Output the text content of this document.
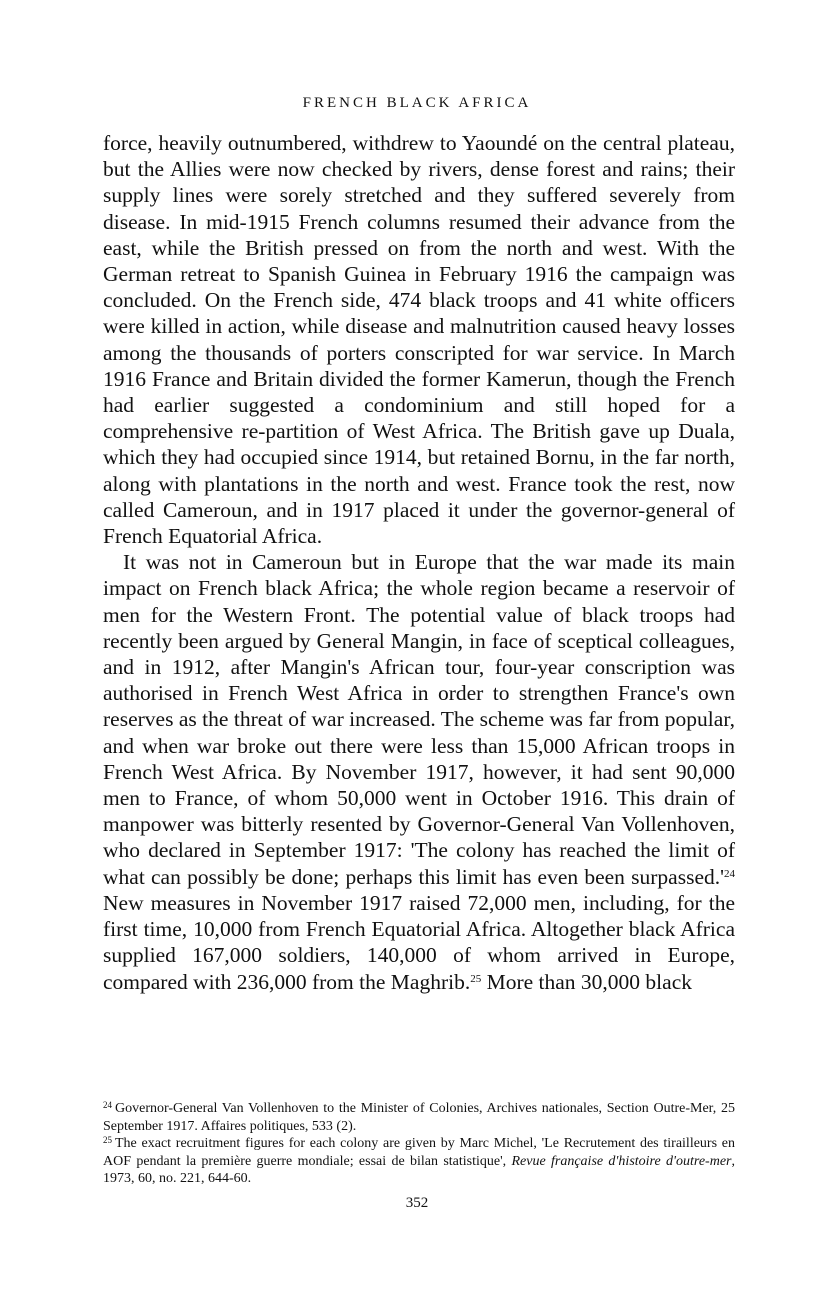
FRENCH BLACK AFRICA

force, heavily outnumbered, withdrew to Yaoundé on the central plateau, but the Allies were now checked by rivers, dense forest and rains; their supply lines were sorely stretched and they suffered severely from disease. In mid-1915 French columns resumed their advance from the east, while the British pressed on from the north and west. With the German retreat to Spanish Guinea in February 1916 the campaign was concluded. On the French side, 474 black troops and 41 white officers were killed in action, while disease and malnutrition caused heavy losses among the thousands of porters conscripted for war service. In March 1916 France and Britain divided the former Kamerun, though the French had earlier suggested a condominium and still hoped for a comprehensive re-partition of West Africa. The British gave up Duala, which they had occupied since 1914, but retained Bornu, in the far north, along with plantations in the north and west. France took the rest, now called Cameroun, and in 1917 placed it under the governor-general of French Equatorial Africa.

It was not in Cameroun but in Europe that the war made its main impact on French black Africa; the whole region became a reservoir of men for the Western Front. The potential value of black troops had recently been argued by General Mangin, in face of sceptical colleagues, and in 1912, after Mangin's African tour, four-year conscription was authorised in French West Africa in order to strengthen France's own reserves as the threat of war increased. The scheme was far from popular, and when war broke out there were less than 15,000 African troops in French West Africa. By November 1917, however, it had sent 90,000 men to France, of whom 50,000 went in October 1916. This drain of manpower was bitterly resented by Governor-General Van Vollenhoven, who declared in September 1917: 'The colony has reached the limit of what can possibly be done; perhaps this limit has even been $surpassed.'^{24}$ New measures in November 1917 raised 72,000 men, including, for the first time, 10,000 from French Equatorial Africa. Altogether black Africa supplied 167,000 soldiers, 140,000 of whom arrived in Europe, compared with 236,000 from the Maghrib.$^{25}$ More than 30,000 black

$^{24}$ Governor-General Van Vollenhoven to the Minister of Colonies, Archives nationales, Section Outre-Mer, 25 September 1917. Affaires politiques, 533 (2).

$^{25}$ The exact recruitment figures for each colony are given by Marc Michel, 'Le Recrutement des tirailleurs en AOF pendant la première guerre mondiale; essai de bilan statistique', Revue française d'histoire d'outre-mer, 1973, 60, no. 221, 644-60.

352
